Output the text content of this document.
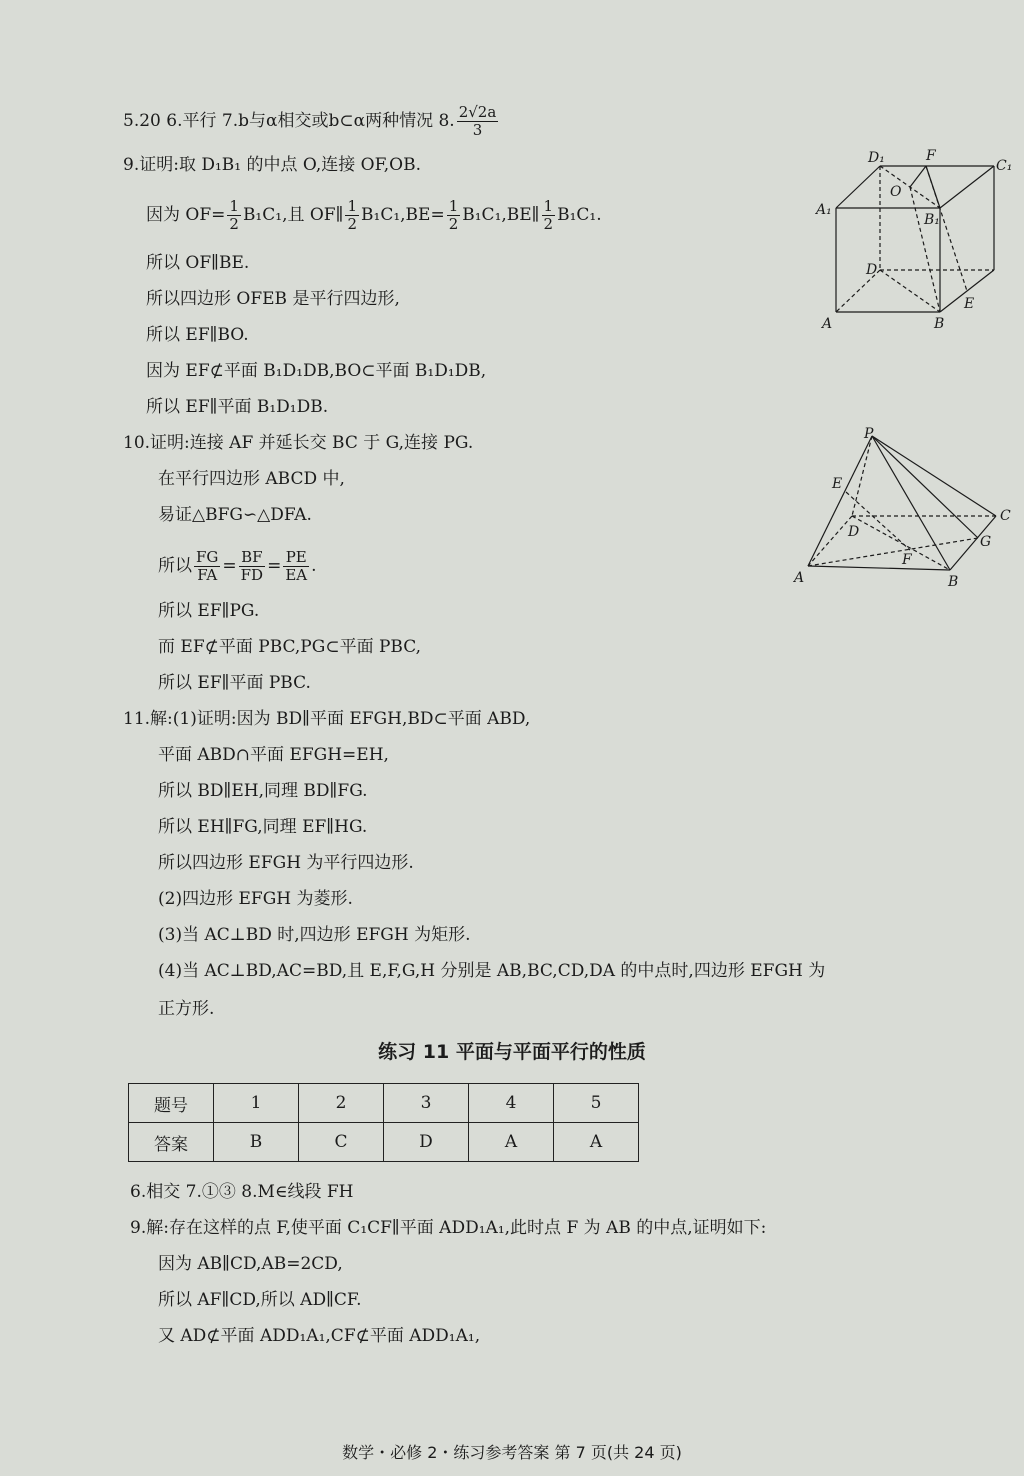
5.20 6.平行 7.b与α相交或b⊂α两种情况 8. $\frac{2√2a}{3}$
9.证明:取 D₁B₁ 的中点 O,连接 OF,OB.
因为 $OF= \frac{1}{2} B_1C_1$,且 OF∥ $\frac{1}{2} B_1C_1,BE= \frac{1}{2}$ B₁C₁,BE∥ $\frac{1}{2} B_1C_1$.
所以 OF∥BE.
所以四边形 OFEB 是平行四边形,
所以 EF∥BO.
因为 EF⊄平面 B₁D₁DB,BO⊂平面 B₁D₁DB,
所以 EF∥平面 B₁D₁DB.
10.证明:连接 AF 并延长交 BC 于 G,连接 PG.
在平行四边形 ABCD 中,
易证△BFG∽△DFA.
所以 $\frac{FG}{FA} = \frac{BF}{FD} = \frac{PE}{EA}$ .
所以 EF∥PG.
而 EF⊄平面 PBC,PG⊂平面 PBC,
所以 EF∥平面 PBC.
11.解:(1)证明:因为 BD∥平面 EFGH,BD⊂平面 ABD,
平面 ABD∩平面 EFGH=EH,
所以 BD∥EH,同理 BD∥FG.
所以 EH∥FG,同理 EF∥HG.
所以四边形 EFGH 为平行四边形.
(2)四边形 EFGH 为菱形.
(3)当 AC⊥BD 时,四边形 EFGH 为矩形.
(4)当 AC⊥BD,AC=BD,且 E,F,G,H 分别是 AB,BC,CD,DA 的中点时,四边形 EFGH 为
正方形.
练习 11 平面与平面平行的性质
题号	1	2	3	4	5
答案	B	C	D	A	A
6.相交 7.①③ 8.M∈线段 FH
9.解:存在这样的点 F,使平面 C₁CF∥平面 ADD₁A₁,此时点 F 为 AB 的中点,证明如下:
因为 AB∥CD,AB=2CD,
所以 AF∥CD,所以 AD∥CF.
又 AD⊄平面 ADD₁A₁,CF⊄平面 ADD₁A₁,
D₁	F
C₁
O
A₁
B₁
D
E
A	B
P
E
D
C
G
F
A	B
数学・必修 2・练习参考答案 第 7 页(共 24 页)
